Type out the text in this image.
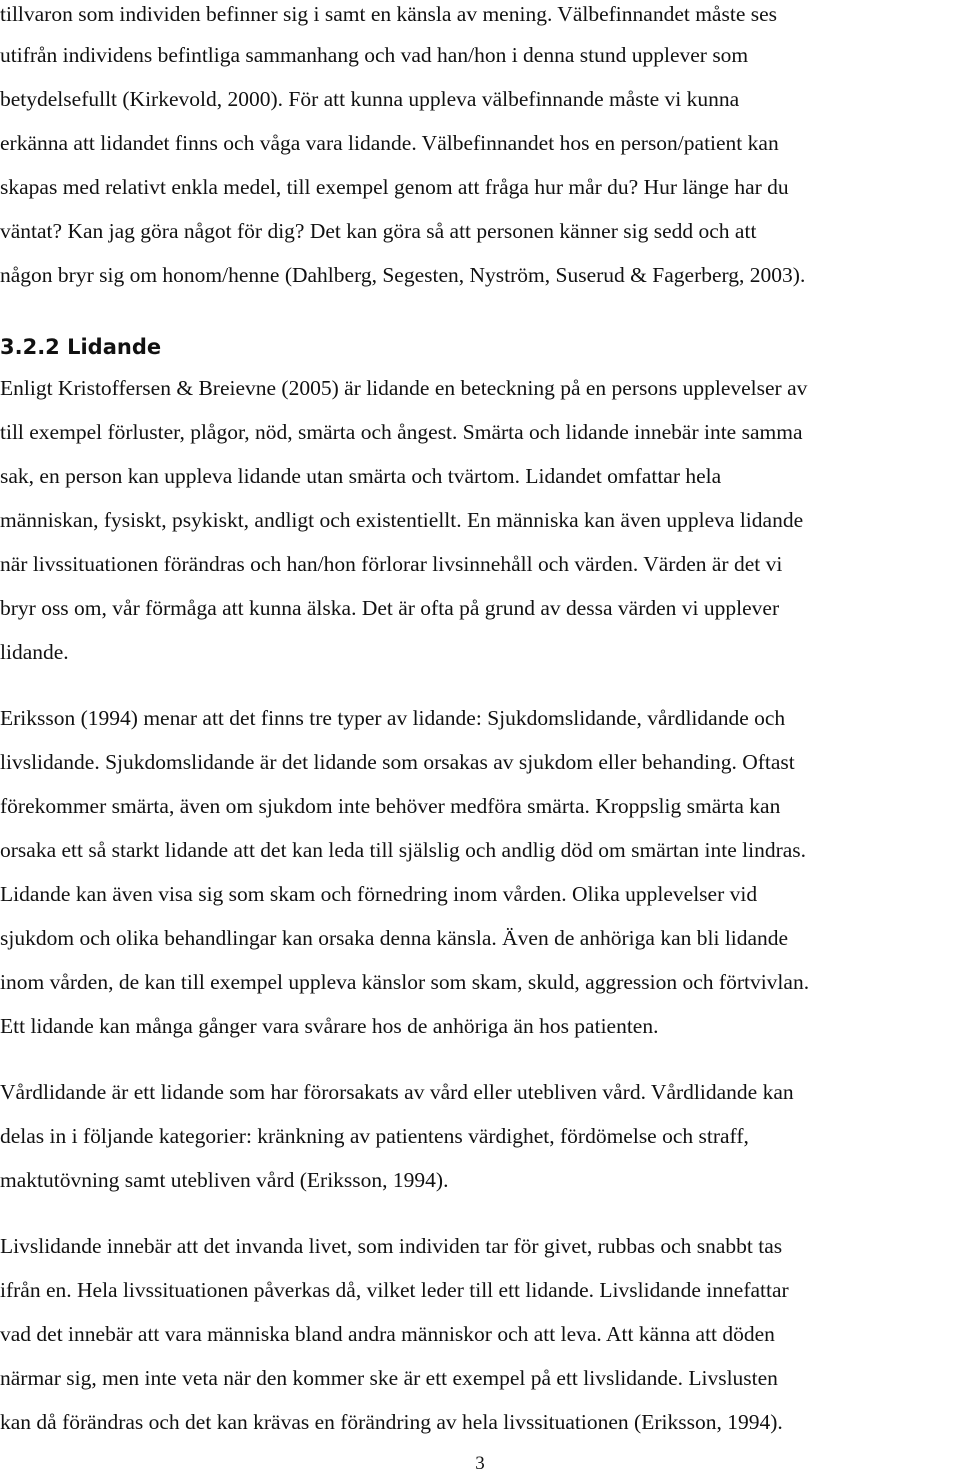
tillvaron som individen befinner sig i samt en känsla av mening. Välbefinnandet måste ses
utifrån individens befintliga sammanhang och vad han/hon i denna stund upplever som
betydelsefullt (Kirkevold, 2000). För att kunna uppleva välbefinnande måste vi kunna
erkänna att lidandet finns och våga vara lidande. Välbefinnandet hos en person/patient kan
skapas med relativt enkla medel, till exempel genom att fråga hur mår du? Hur länge har du
väntat? Kan jag göra något för dig? Det kan göra så att personen känner sig sedd och att
någon bryr sig om honom/henne (Dahlberg, Segesten, Nyström, Suserud & Fagerberg, 2003).
3.2.2 Lidande
Enligt Kristoffersen & Breievne (2005) är lidande en beteckning på en persons upplevelser av
till exempel förluster, plågor, nöd, smärta och ångest. Smärta och lidande innebär inte samma
sak, en person kan uppleva lidande utan smärta och tvärtom. Lidandet omfattar hela
människan, fysiskt, psykiskt, andligt och existentiellt. En människa kan även uppleva lidande
när livssituationen förändras och han/hon förlorar livsinnehåll och värden. Värden är det vi
bryr oss om, vår förmåga att kunna älska. Det är ofta på grund av dessa värden vi upplever
lidande.
Eriksson (1994) menar att det finns tre typer av lidande: Sjukdomslidande, vårdlidande och
livslidande. Sjukdomslidande är det lidande som orsakas av sjukdom eller behanding. Oftast
förekommer smärta, även om sjukdom inte behöver medföra smärta. Kroppslig smärta kan
orsaka ett så starkt lidande att det kan leda till själslig och andlig död om smärtan inte lindras.
Lidande kan även visa sig som skam och förnedring inom vården. Olika upplevelser vid
sjukdom och olika behandlingar kan orsaka denna känsla. Även de anhöriga kan bli lidande
inom vården, de kan till exempel uppleva känslor som skam, skuld, aggression och förtvivlan.
Ett lidande kan många gånger vara svårare hos de anhöriga än hos patienten.
Vårdlidande är ett lidande som har förorsakats av vård eller utebliven vård. Vårdlidande kan
delas in i följande kategorier: kränkning av patientens värdighet, fördömelse och straff,
maktutövning samt utebliven vård (Eriksson, 1994).
Livslidande innebär att det invanda livet, som individen tar för givet, rubbas och snabbt tas
ifrån en. Hela livssituationen påverkas då, vilket leder till ett lidande. Livslidande innefattar
vad det innebär att vara människa bland andra människor och att leva. Att känna att döden
närmar sig, men inte veta när den kommer ske är ett exempel på ett livslidande. Livslusten
kan då förändras och det kan krävas en förändring av hela livssituationen (Eriksson, 1994).
3
